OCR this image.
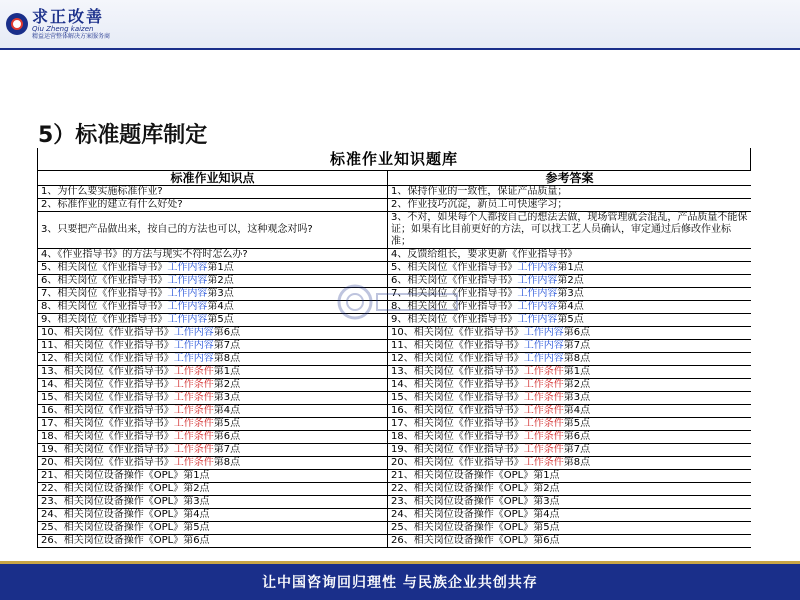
求正改善
Qiu Zheng kaizen
精益运营整体解决方案服务商
5）标准题库制定
标准作业知识题库
标准作业知识点	参考答案
1、为什么要实施标准作业?	1、保持作业的一致性，保证产品质量；
2、标准作业的建立有什么好处?	2、作业技巧沉淀，新员工可快速学习；
3、只要把产品做出来，按自己的方法也可以，这种观念对吗?	3、不对，如果每个人都按自己的想法去做，现场管理就会混乱，产品质量不能保证；如果有比目前更好的方法，可以找工艺人员确认，审定通过后修改作业标准；
4、《作业指导书》的方法与现实不符时怎么办?	4、反馈给组长，要求更新《作业指导书》
5、相关岗位《作业指导书》工作内容第1点	5、相关岗位《作业指导书》工作内容第1点
6、相关岗位《作业指导书》工作内容第2点	6、相关岗位《作业指导书》工作内容第2点
7、相关岗位《作业指导书》工作内容第3点	7、相关岗位《作业指导书》工作内容第3点
8、相关岗位《作业指导书》工作内容第4点	8、相关岗位《作业指导书》工作内容第4点
9、相关岗位《作业指导书》工作内容第5点	9、相关岗位《作业指导书》工作内容第5点
10、相关岗位《作业指导书》工作内容第6点	10、相关岗位《作业指导书》工作内容第6点
11、相关岗位《作业指导书》工作内容第7点	11、相关岗位《作业指导书》工作内容第7点
12、相关岗位《作业指导书》工作内容第8点	12、相关岗位《作业指导书》工作内容第8点
13、相关岗位《作业指导书》工作条件第1点	13、相关岗位《作业指导书》工作条件第1点
14、相关岗位《作业指导书》工作条件第2点	14、相关岗位《作业指导书》工作条件第2点
15、相关岗位《作业指导书》工作条件第3点	15、相关岗位《作业指导书》工作条件第3点
16、相关岗位《作业指导书》工作条件第4点	16、相关岗位《作业指导书》工作条件第4点
17、相关岗位《作业指导书》工作条件第5点	17、相关岗位《作业指导书》工作条件第5点
18、相关岗位《作业指导书》工作条件第6点	18、相关岗位《作业指导书》工作条件第6点
19、相关岗位《作业指导书》工作条件第7点	19、相关岗位《作业指导书》工作条件第7点
20、相关岗位《作业指导书》工作条件第8点	20、相关岗位《作业指导书》工作条件第8点
21、相关岗位设备操作《OPL》第1点	21、相关岗位设备操作《OPL》第1点
22、相关岗位设备操作《OPL》第2点	22、相关岗位设备操作《OPL》第2点
23、相关岗位设备操作《OPL》第3点	23、相关岗位设备操作《OPL》第3点
24、相关岗位设备操作《OPL》第4点	24、相关岗位设备操作《OPL》第4点
25、相关岗位设备操作《OPL》第5点	25、相关岗位设备操作《OPL》第5点
26、相关岗位设备操作《OPL》第6点	26、相关岗位设备操作《OPL》第6点
让中国咨询回归理性 与民族企业共创共存
